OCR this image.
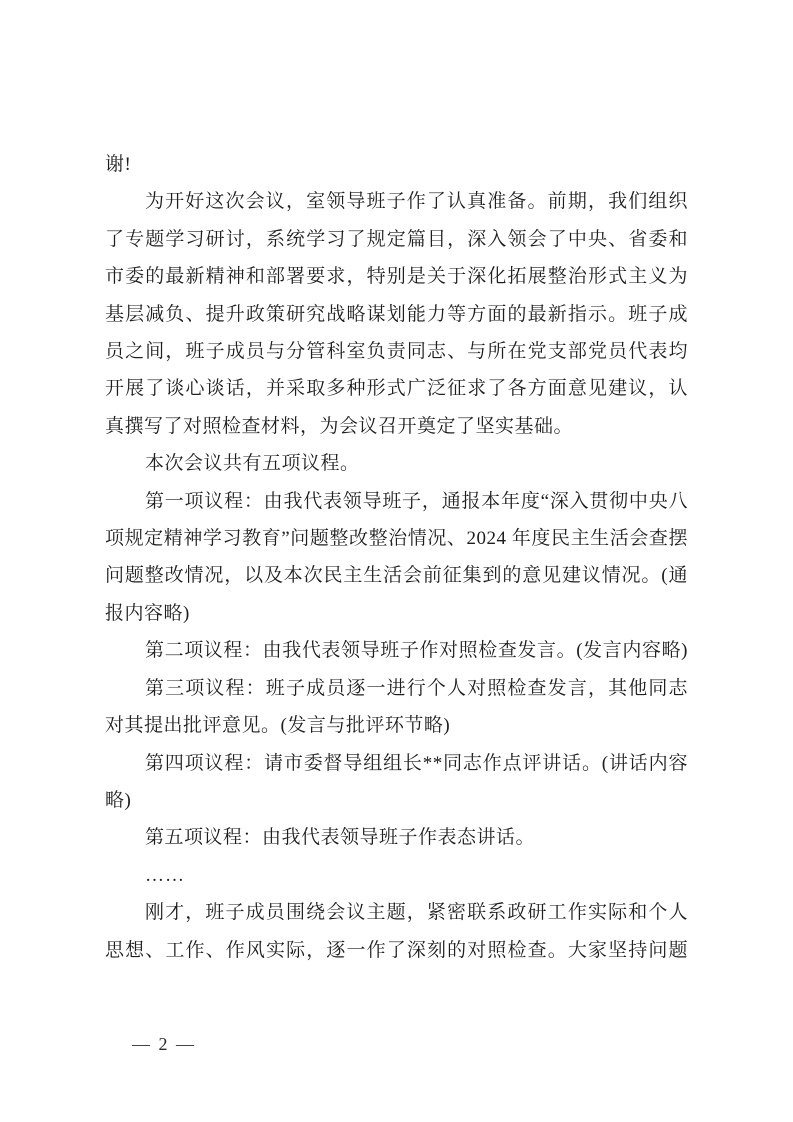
谢!
为开好这次会议，室领导班子作了认真准备。前期，我们组织
了专题学习研讨，系统学习了规定篇目，深入领会了中央、省委和
市委的最新精神和部署要求，特别是关于深化拓展整治形式主义为
基层减负、提升政策研究战略谋划能力等方面的最新指示。班子成
员之间，班子成员与分管科室负责同志、与所在党支部党员代表均
开展了谈心谈话，并采取多种形式广泛征求了各方面意见建议，认
真撰写了对照检查材料，为会议召开奠定了坚实基础。
本次会议共有五项议程。
第一项议程：由我代表领导班子，通报本年度“深入贯彻中央八
项规定精神学习教育”问题整改整治情况、2024 年度民主生活会查摆
问题整改情况，以及本次民主生活会前征集到的意见建议情况。(通
报内容略)
第二项议程：由我代表领导班子作对照检查发言。(发言内容略)
第三项议程：班子成员逐一进行个人对照检查发言，其他同志
对其提出批评意见。(发言与批评环节略)
第四项议程：请市委督导组组长**同志作点评讲话。(讲话内容
略)
第五项议程：由我代表领导班子作表态讲话。
……
刚才，班子成员围绕会议主题，紧密联系政研工作实际和个人
思想、工作、作风实际，逐一作了深刻的对照检查。大家坚持问题
— 2 —
